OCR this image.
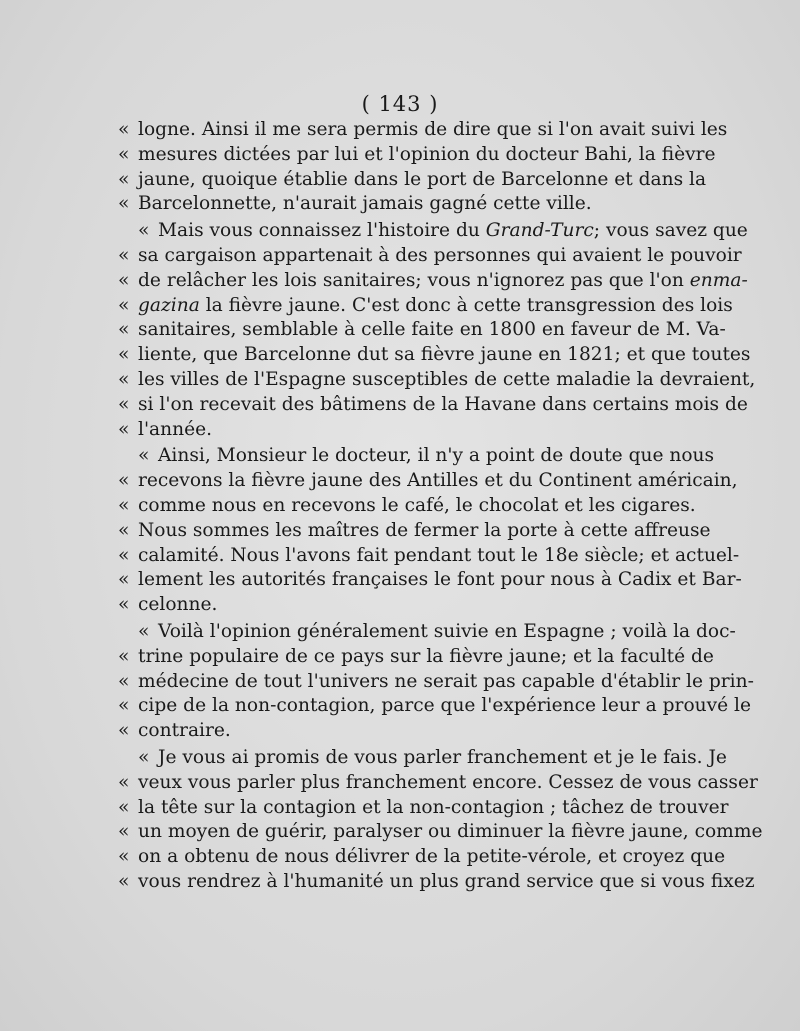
( 143 )
«logne. Ainsi il me sera permis de dire que si l'on avait suivi les
«mesures dictées par lui et l'opinion du docteur Bahi, la fièvre
«jaune, quoique établie dans le port de Barcelonne et dans la
«Barcelonnette, n'aurait jamais gagné cette ville.
«Mais vous connaissez l'histoire du Grand-Turc; vous savez que
«sa cargaison appartenait à des personnes qui avaient le pouvoir
«de relâcher les lois sanitaires; vous n'ignorez pas que l'on enma-
«gazina la fièvre jaune. C'est donc à cette transgression des lois
«sanitaires, semblable à celle faite en 1800 en faveur de M. Va-
«liente, que Barcelonne dut sa fièvre jaune en 1821; et que toutes
«les villes de l'Espagne susceptibles de cette maladie la devraient,
«si l'on recevait des bâtimens de la Havane dans certains mois de
«l'année.
«Ainsi, Monsieur le docteur, il n'y a point de doute que nous
«recevons la fièvre jaune des Antilles et du Continent américain,
«comme nous en recevons le café, le chocolat et les cigares.
«Nous sommes les maîtres de fermer la porte à cette affreuse
«calamité. Nous l'avons fait pendant tout le 18e siècle; et actuel-
«lement les autorités françaises le font pour nous à Cadix et Bar-
«celonne.
«Voilà l'opinion généralement suivie en Espagne ; voilà la doc-
«trine populaire de ce pays sur la fièvre jaune; et la faculté de
«médecine de tout l'univers ne serait pas capable d'établir le prin-
«cipe de la non-contagion, parce que l'expérience leur a prouvé le
«contraire.
«Je vous ai promis de vous parler franchement et je le fais. Je
«veux vous parler plus franchement encore. Cessez de vous casser
«la tête sur la contagion et la non-contagion ; tâchez de trouver
«un moyen de guérir, paralyser ou diminuer la fièvre jaune, comme
«on a obtenu de nous délivrer de la petite-vérole, et croyez que
«vous rendrez à l'humanité un plus grand service que si vous fixez
